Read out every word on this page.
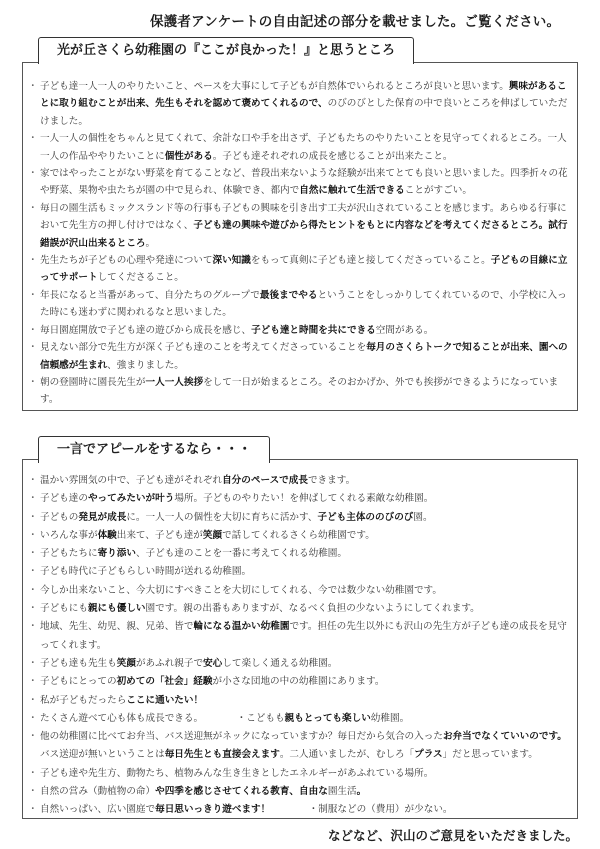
保護者アンケートの自由記述の部分を載せました。ご覧ください。
光が丘さくら幼稚園の『ここが良かった！』と思うところ
・ 子ども達一人一人のやりたいこと、ペースを大事にして子どもが自然体でいられるところが良いと思います。興味があることに取り組むことが出来、先生もそれを認めて褒めてくれるので、のびのびとした保育の中で良いところを伸ばしていただけました。
・ 一人一人の個性をちゃんと見てくれて、余計な口や手を出さず、子どもたちのやりたいことを見守ってくれるところ。一人一人の作品ややりたいことに個性がある。子ども達それぞれの成長を感じることが出来たこと。
・ 家ではやったことがない野菜を育てることなど、普段出来ないような経験が出来てとても良いと思いました。四季折々の花や野菜、果物や虫たちが園の中で見られ、体験でき、都内で自然に触れて生活できることがすごい。
・ 毎日の園生活もミックスランド等の行事も子どもの興味を引き出す工夫が沢山されていることを感じます。あらゆる行事において先生方の押し付けではなく、子ども達の興味や遊びから得たヒントをもとに内容などを考えてくださるところ。試行錯誤が沢山出来るところ。
・ 先生たちが子どもの心理や発達について深い知識をもって真剣に子ども達と接してくださっていること。子どもの目線に立ってサポートしてくださること。
・ 年長になると当番があって、自分たちのグループで最後までやるということをしっかりしてくれているので、小学校に入った時にも迷わずに関われるなと思いました。
・ 毎日園庭開放で子ども達の遊びから成長を感じ、子ども達と時間を共にできる空間がある。
・ 見えない部分で先生方が深く子ども達のことを考えてくださっていることを毎月のさくらトークで知ることが出来、園への信頼感が生まれ、強まりました。
・ 朝の登園時に園長先生が一人一人挨拶をして一日が始まるところ。そのおかげか、外でも挨拶ができるようになっています。
一言でアピールをするなら・・・
・ 温かい雰囲気の中で、子ども達がそれぞれ自分のペースで成長できます。
・ 子ども達のやってみたいが叶う場所。子どものやりたい！を伸ばしてくれる素敵な幼稚園。
・ 子どもの発見が成長に。一人一人の個性を大切に育ちに活かす、子ども主体ののびのび園。
・ いろんな事が体験出来て、子ども達が笑顔で話してくれるさくら幼稚園です。
・ 子どもたちに寄り添い、子ども達のことを一番に考えてくれる幼稚園。
・ 子ども時代に子どもらしい時間が送れる幼稚園。
・ 今しか出来ないこと、今大切にすべきことを大切にしてくれる、今では数少ない幼稚園です。
・ 子どもにも親にも優しい園です。親の出番もありますが、なるべく負担の少ないようにしてくれます。
・ 地域、先生、幼児、親、兄弟、皆で輪になる温かい幼稚園です。担任の先生以外にも沢山の先生方が子ども達の成長を見守ってくれます。
・ 子ども達も先生も笑顔があふれ親子で安心して楽しく通える幼稚園。
・ 子どもにとっての初めての「社会」経験が小さな団地の中の幼稚園にあります。
・ 私が子どもだったらここに通いたい！
・ たくさん遊べて心も体も成長できる。　　　　・こどもも親もとっても楽しい幼稚園。
・ 他の幼稚園に比べてお弁当、バス送迎無がネックになっていますか？毎日だから気合の入ったお弁当でなくていいのです。バス送迎が無いということは毎日先生とも直接会えます。二人通いましたが、むしろ「プラス」だと思っています。
・ 子ども達や先生方、動物たち、植物みんな生き生きとしたエネルギーがあふれている場所。
・ 自然の営み（動植物の命）や四季を感じさせてくれる教育、自由な園生活。
・ 自然いっぱい、広い園庭で毎日思いっきり遊べます！　　　　・制服などの（費用）が少ない。
などなど、沢山のご意見をいただきました。
